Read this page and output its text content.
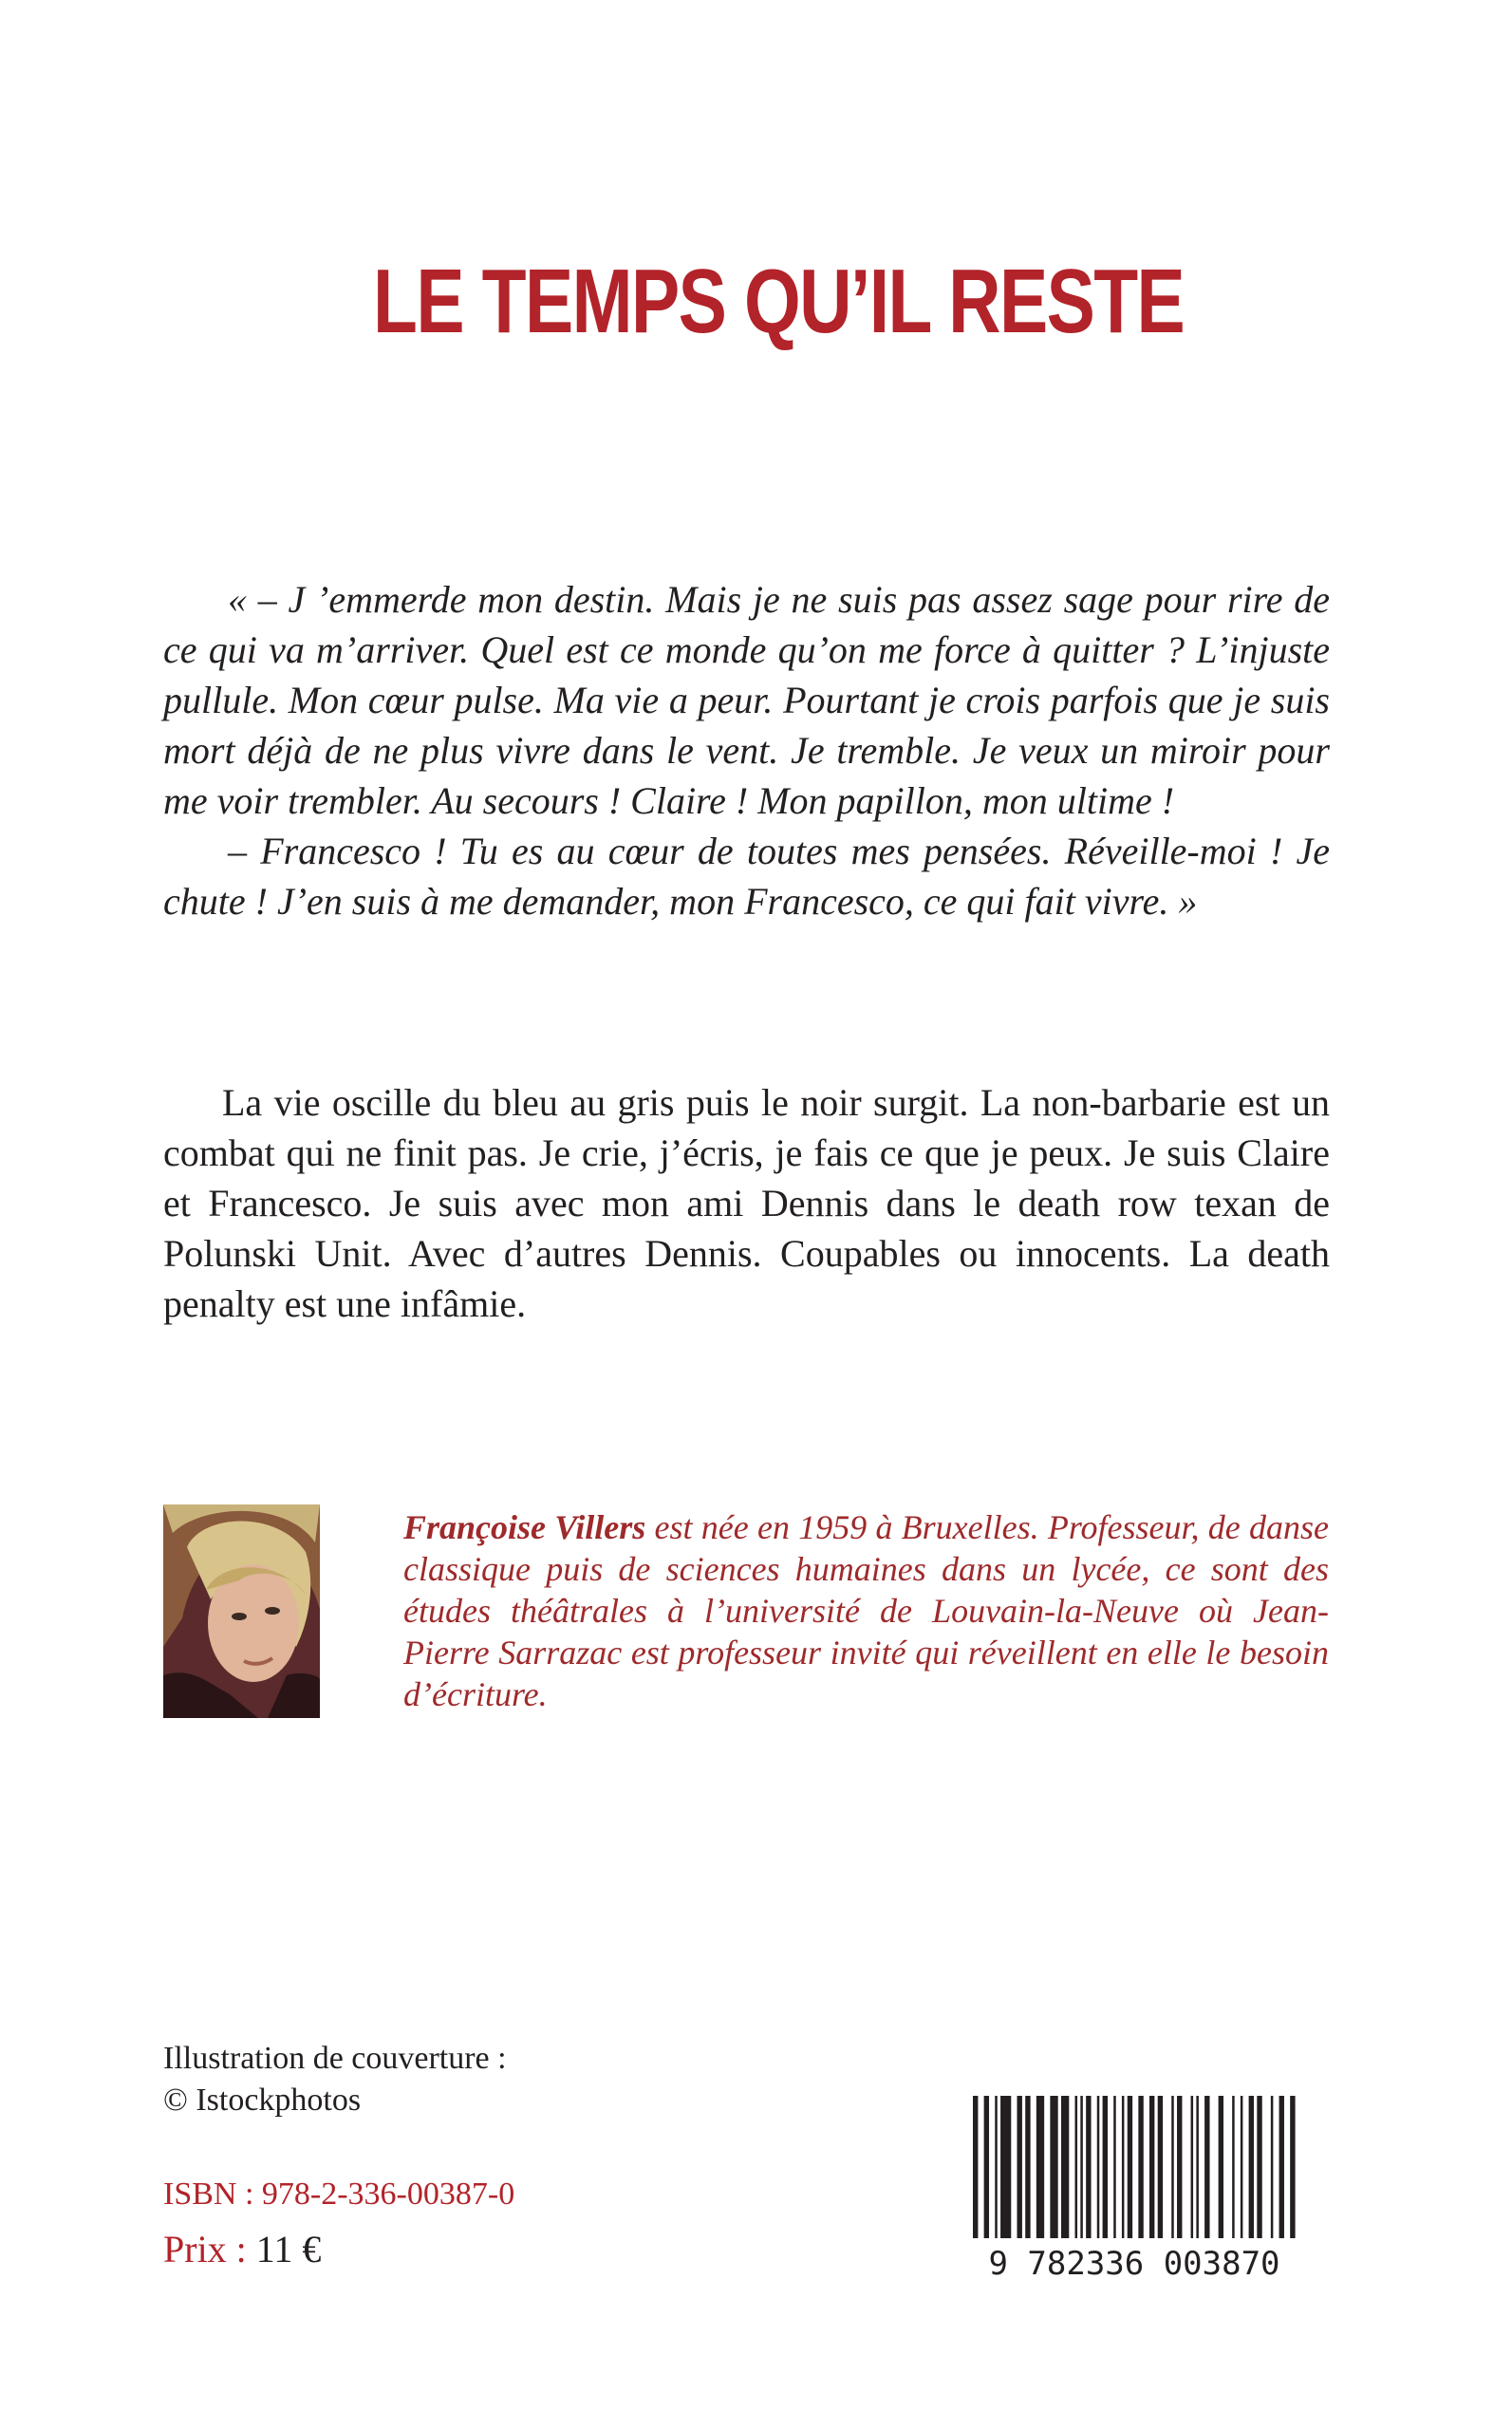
LE TEMPS QU’IL RESTE

« – J ’emmerde mon destin. Mais je ne suis pas assez sage pour rire de ce qui va m’arriver. Quel est ce monde qu’on me force à quitter ? L’injuste pullule. Mon cœur pulse. Ma vie a peur. Pourtant je crois parfois que je suis mort déjà de ne plus vivre dans le vent. Je tremble. Je veux un miroir pour me voir trembler. Au secours ! Claire ! Mon papillon, mon ultime !

– Francesco ! Tu es au cœur de toutes mes pensées. Réveille-moi ! Je chute ! J’en suis à me demander, mon Francesco, ce qui fait vivre. »

La vie oscille du bleu au gris puis le noir surgit. La non-barbarie est un combat qui ne finit pas. Je crie, j’écris, je fais ce que je peux. Je suis Claire et Francesco. Je suis avec mon ami Dennis dans le death row texan de Polunski Unit. Avec d’autres Dennis. Coupables ou innocents. La death penalty est une infâmie.

Françoise Villers est née en 1959 à Bruxelles. Professeur, de danse classique puis de sciences humaines dans un lycée, ce sont des études théâtrales à l’université de Louvain-la-Neuve où Jean-Pierre Sarrazac est professeur invité qui réveillent en elle le besoin d’écriture.
Illustration de couverture :
© Istockphotos
ISBN : 978-2-336-00387-0
Prix : 11 €	9 782336 003870
